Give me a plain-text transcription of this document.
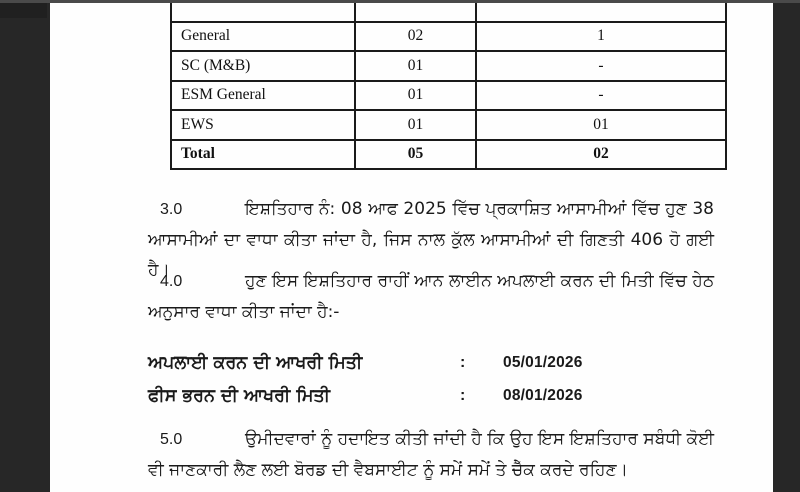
General	02	1
SC (M&B)	01	-
ESM General	01	-
EWS	01	01
Total	05	02

3.0	ਇਸ਼ਤਿਹਾਰ ਨੰ: 08 ਆਫ 2025 ਵਿੱਚ ਪ੍ਰਕਾਸ਼ਿਤ ਆਸਾਮੀਆਂ ਵਿੱਚ ਹੁਣ 38 ਆਸਾਮੀਆਂ ਦਾ ਵਾਧਾ ਕੀਤਾ ਜਾਂਦਾ ਹੈ, ਜਿਸ ਨਾਲ ਕੁੱਲ ਆਸਾਮੀਆਂ ਦੀ ਗਿਣਤੀ 406 ਹੋ ਗਈ ਹੈ।

4.0	ਹੁਣ ਇਸ ਇਸ਼ਤਿਹਾਰ ਰਾਹੀਂ ਆਨ ਲਾਈਨ ਅਪਲਾਈ ਕਰਨ ਦੀ ਮਿਤੀ ਵਿੱਚ ਹੇਠ ਅਨੁਸਾਰ ਵਾਧਾ ਕੀਤਾ ਜਾਂਦਾ ਹੈ:-

ਅਪਲਾਈ ਕਰਨ ਦੀ ਆਖਰੀ ਮਿਤੀ	:	05/01/2026
ਫੀਸ ਭਰਨ ਦੀ ਆਖਰੀ ਮਿਤੀ	:	08/01/2026

5.0	ਉਮੀਦਵਾਰਾਂ ਨੂੰ ਹਦਾਇਤ ਕੀਤੀ ਜਾਂਦੀ ਹੈ ਕਿ ਉਹ ਇਸ ਇਸ਼ਤਿਹਾਰ ਸਬੰਧੀ ਕੋਈ ਵੀ ਜਾਣਕਾਰੀ ਲੈਣ ਲਈ ਬੋਰਡ ਦੀ ਵੈਬਸਾਈਟ ਨੂੰ ਸਮੇਂ ਸਮੇਂ ਤੇ ਚੈੱਕ ਕਰਦੇ ਰਹਿਣ।
